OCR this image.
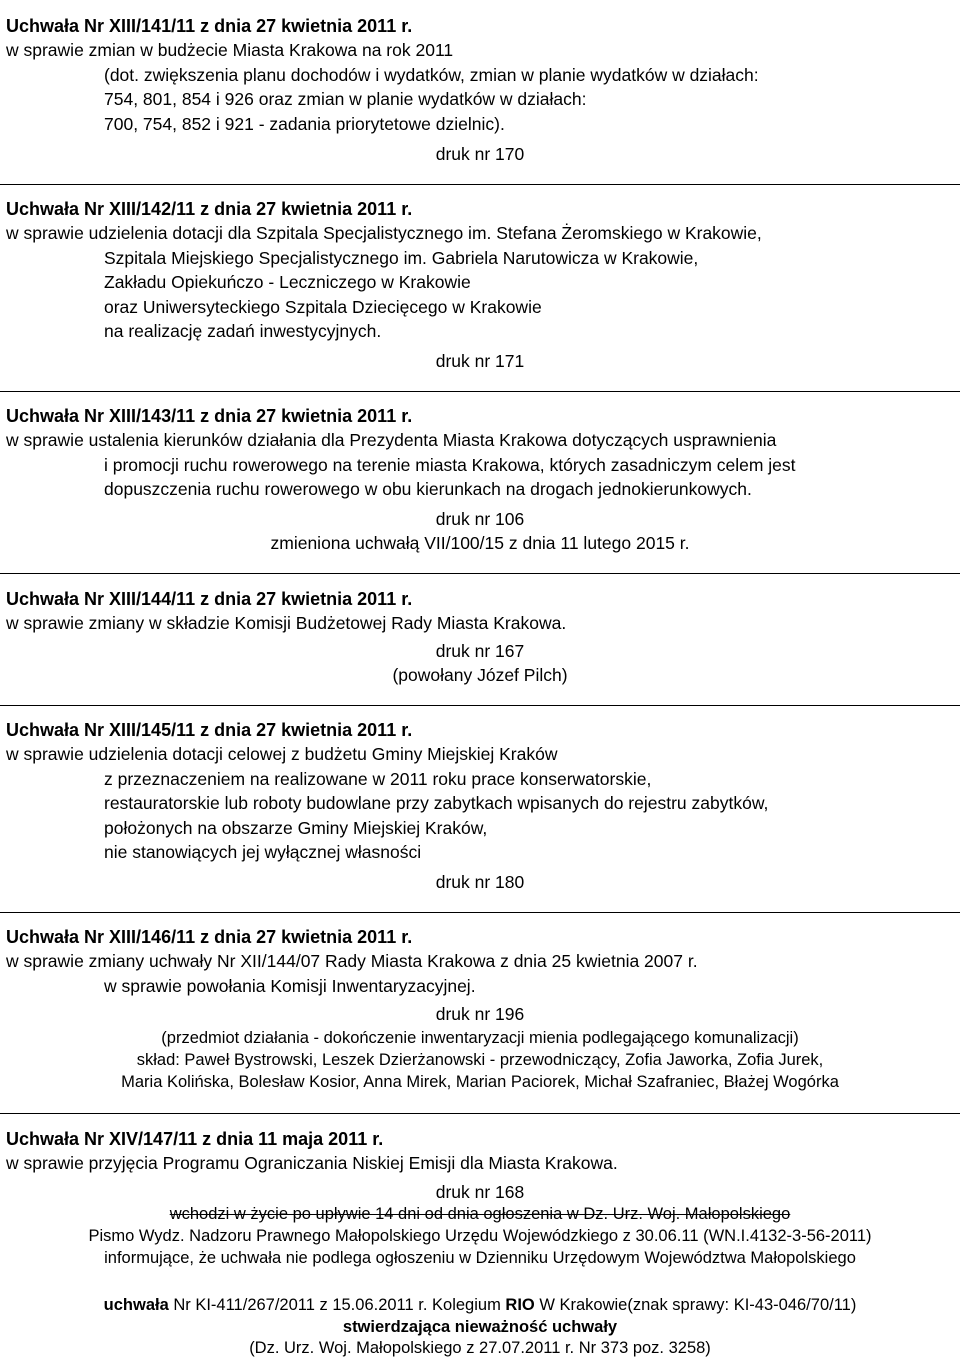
Uchwała Nr XIII/141/11 z dnia 27 kwietnia 2011 r.
w sprawie zmian w budżecie Miasta Krakowa na rok 2011
(dot. zwiększenia planu dochodów i wydatków, zmian w planie wydatków w działach:
754, 801, 854 i 926 oraz zmian w planie wydatków w działach:
700, 754, 852 i 921 - zadania priorytetowe dzielnic).
druk nr 170
Uchwała Nr XIII/142/11 z dnia 27 kwietnia 2011 r.
w sprawie udzielenia dotacji dla Szpitala Specjalistycznego im. Stefana Żeromskiego w Krakowie,
Szpitala Miejskiego Specjalistycznego im. Gabriela Narutowicza w Krakowie,
Zakładu Opiekuńczo - Leczniczego w Krakowie
oraz Uniwersyteckiego Szpitala Dziecięcego w Krakowie
na realizację zadań inwestycyjnych.
druk nr 171
Uchwała Nr XIII/143/11 z dnia 27 kwietnia 2011 r.
w sprawie ustalenia kierunków działania dla Prezydenta Miasta Krakowa dotyczących usprawnienia
i promocji ruchu rowerowego na terenie miasta Krakowa, których zasadniczym celem jest
dopuszczenia ruchu rowerowego w obu kierunkach na drogach jednokierunkowych.
druk nr 106
zmieniona uchwałą VII/100/15 z dnia 11 lutego 2015 r.
Uchwała Nr XIII/144/11 z dnia 27 kwietnia 2011 r.
w sprawie zmiany w składzie Komisji Budżetowej Rady Miasta Krakowa.
druk nr 167
(powołany Józef Pilch)
Uchwała Nr XIII/145/11 z dnia 27 kwietnia 2011 r.
w sprawie udzielenia dotacji celowej z budżetu Gminy Miejskiej Kraków
z przeznaczeniem na realizowane w 2011 roku prace konserwatorskie,
restauratorskie lub roboty budowlane przy zabytkach wpisanych do rejestru zabytków,
położonych na obszarze Gminy Miejskiej Kraków,
nie stanowiących jej wyłącznej własności
druk nr 180
Uchwała Nr XIII/146/11 z dnia 27 kwietnia 2011 r.
w sprawie zmiany uchwały Nr XII/144/07 Rady Miasta Krakowa z dnia 25 kwietnia 2007 r.
w sprawie powołania Komisji Inwentaryzacyjnej.
druk nr 196
(przedmiot działania - dokończenie inwentaryzacji mienia podlegającego komunalizacji)
skład: Paweł Bystrowski, Leszek Dzierżanowski - przewodniczący, Zofia Jaworka, Zofia Jurek,
Maria Kolińska, Bolesław Kosior, Anna Mirek, Marian Paciorek, Michał Szafraniec, Błażej Wogórka
Uchwała Nr XIV/147/11 z dnia 11 maja 2011 r.
w sprawie przyjęcia Programu Ograniczania Niskiej Emisji dla Miasta Krakowa.
druk nr 168
wchodzi w życie po upływie 14 dni od dnia ogłoszenia w Dz. Urz. Woj. Małopolskiego
Pismo Wydz. Nadzoru Prawnego Małopolskiego Urzędu Wojewódzkiego z 30.06.11 (WN.I.4132-3-56-2011)
informujące, że uchwała nie podlega ogłoszeniu w Dzienniku Urzędowym Województwa Małopolskiego
uchwała Nr KI-411/267/2011 z 15.06.2011 r. Kolegium RIO W Krakowie(znak sprawy: KI-43-046/70/11)
stwierdzająca nieważność uchwały
(Dz. Urz. Woj. Małopolskiego z 27.07.2011 r. Nr 373 poz. 3258)
